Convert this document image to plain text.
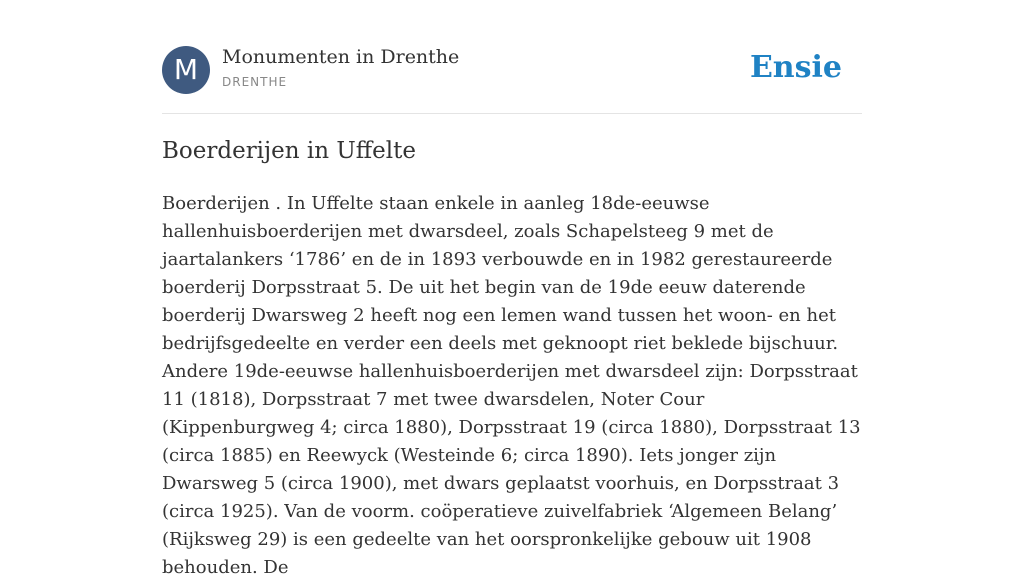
M	Monumenten in Drenthe
DRENTHE	Ensie
Boerderijen in Uffelte

Boerderijen . In Uffelte staan enkele in aanleg 18de-eeuwse hallenhuisboerderijen met dwarsdeel, zoals Schapelsteeg 9 met de jaartalankers ‘1786’ en de in 1893 verbouwde en in 1982 gerestaureerde boerderij Dorpsstraat 5. De uit het begin van de 19de eeuw daterende boerderij Dwarsweg 2 heeft nog een lemen wand tussen het woon- en het bedrijfsgedeelte en verder een deels met geknoopt riet beklede bijschuur. Andere 19de-eeuwse hallenhuisboerderijen met dwarsdeel zijn: Dorpsstraat 11 (1818), Dorpsstraat 7 met twee dwarsdelen, Noter Cour (Kippenburgweg 4; circa 1880), Dorpsstraat 19 (circa 1880), Dorpsstraat 13 (circa 1885) en Reewyck (Westeinde 6; circa 1890). Iets jonger zijn Dwarsweg 5 (circa 1900), met dwars geplaatst voorhuis, en Dorpsstraat 3 (circa 1925). Van de voorm. coöperatieve zuivelfabriek ‘Algemeen Belang’ (Rijksweg 29) is een gedeelte van het oorspronkelijke gebouw uit 1908 behouden. De
